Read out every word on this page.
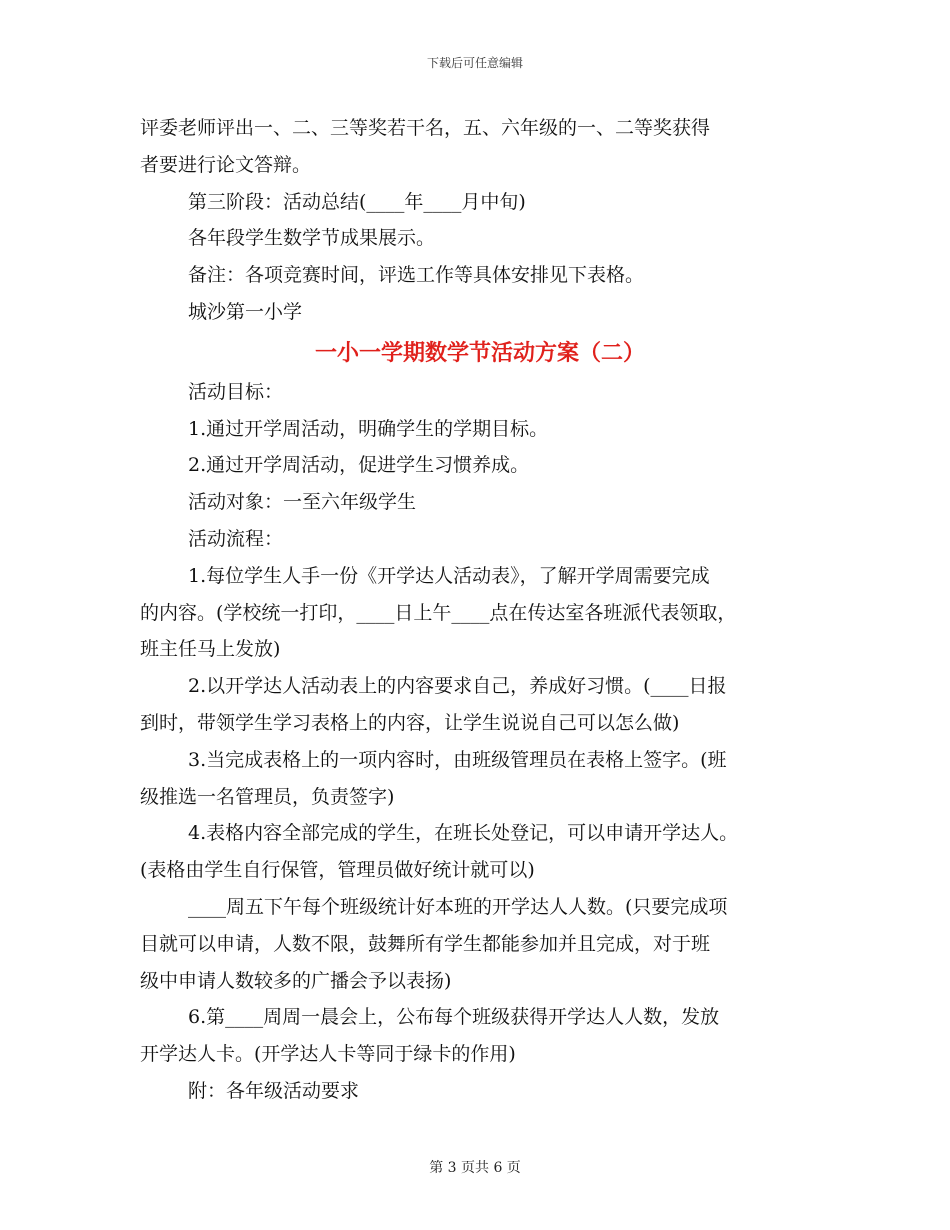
下载后可任意编辑
评委老师评出一、二、三等奖若干名，五、六年级的一、二等奖获得
者要进行论文答辩。
第三阶段：活动总结(____年____月中旬)
各年段学生数学节成果展示。
备注：各项竞赛时间，评选工作等具体安排见下表格。
城沙第一小学
一小一学期数学节活动方案（二）
活动目标：
1.通过开学周活动，明确学生的学期目标。
2.通过开学周活动，促进学生习惯养成。
活动对象：一至六年级学生
活动流程：
1.每位学生人手一份《开学达人活动表》，了解开学周需要完成
的内容。(学校统一打印，____日上午____点在传达室各班派代表领取，
班主任马上发放)
2.以开学达人活动表上的内容要求自己，养成好习惯。(____日报
到时，带领学生学习表格上的内容，让学生说说自己可以怎么做)
3.当完成表格上的一项内容时，由班级管理员在表格上签字。(班
级推选一名管理员，负责签字)
4.表格内容全部完成的学生，在班长处登记，可以申请开学达人。
(表格由学生自行保管，管理员做好统计就可以)
____周五下午每个班级统计好本班的开学达人人数。(只要完成项
目就可以申请，人数不限，鼓舞所有学生都能参加并且完成，对于班
级中申请人数较多的广播会予以表扬)
6.第____周周一晨会上，公布每个班级获得开学达人人数，发放
开学达人卡。(开学达人卡等同于绿卡的作用)
附：各年级活动要求
第 3 页共 6 页
